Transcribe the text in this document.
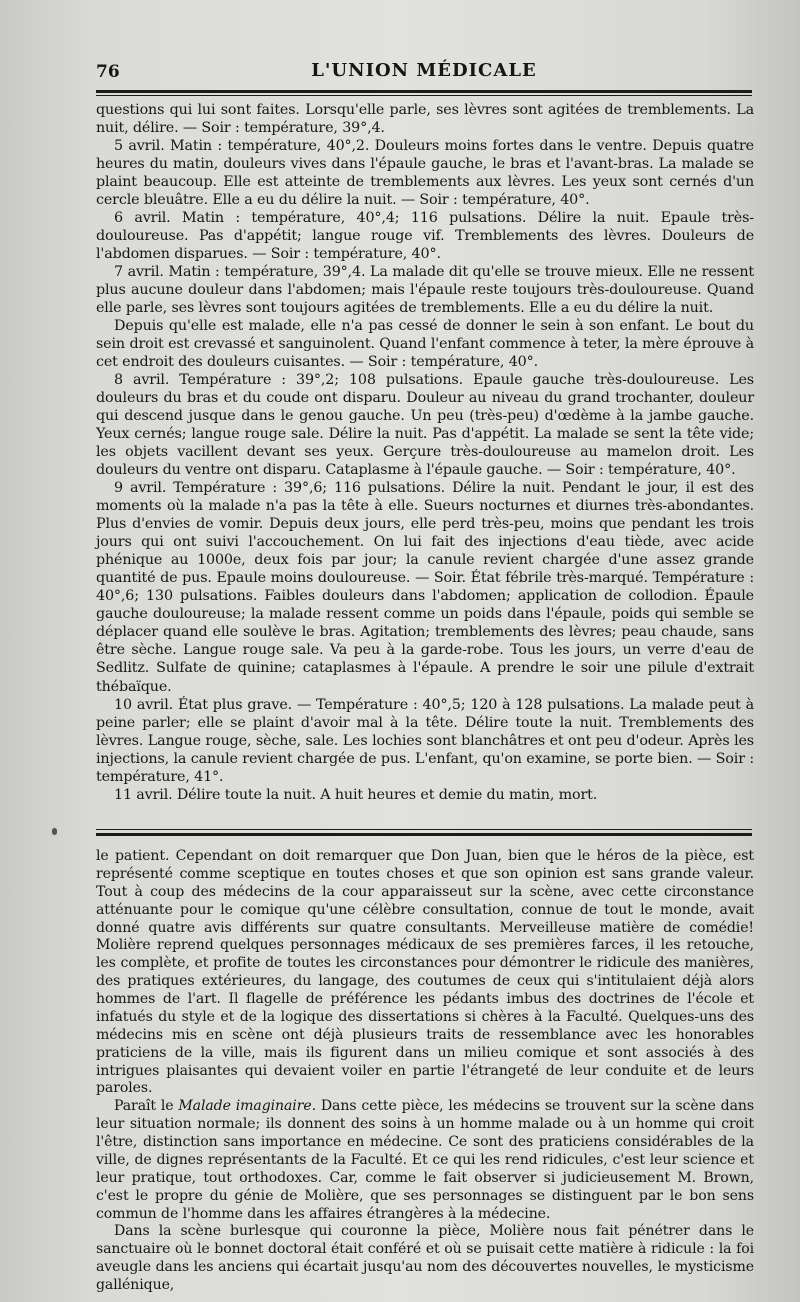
76	L'UNION MÉDICALE

questions qui lui sont faites. Lorsqu'elle parle, ses lèvres sont agitées de tremblements. La nuit, délire. — Soir : température, 39°,4.

5 avril. Matin : température, 40°,2. Douleurs moins fortes dans le ventre. Depuis quatre heures du matin, douleurs vives dans l'épaule gauche, le bras et l'avant-bras. La malade se plaint beaucoup. Elle est atteinte de tremblements aux lèvres. Les yeux sont cernés d'un cercle bleuâtre. Elle a eu du délire la nuit. — Soir : température, 40°.

6 avril. Matin : température, 40°,4; 116 pulsations. Délire la nuit. Epaule très-douloureuse. Pas d'appétit; langue rouge vif. Tremblements des lèvres. Douleurs de l'abdomen disparues. — Soir : température, 40°.

7 avril. Matin : température, 39°,4. La malade dit qu'elle se trouve mieux. Elle ne ressent plus aucune douleur dans l'abdomen; mais l'épaule reste toujours très-douloureuse. Quand elle parle, ses lèvres sont toujours agitées de tremblements. Elle a eu du délire la nuit.

Depuis qu'elle est malade, elle n'a pas cessé de donner le sein à son enfant. Le bout du sein droit est crevassé et sanguinolent. Quand l'enfant commence à teter, la mère éprouve à cet endroit des douleurs cuisantes. — Soir : température, 40°.

8 avril. Température : 39°,2; 108 pulsations. Epaule gauche très-douloureuse. Les douleurs du bras et du coude ont disparu. Douleur au niveau du grand trochanter, douleur qui descend jusque dans le genou gauche. Un peu (très-peu) d'œdème à la jambe gauche. Yeux cernés; langue rouge sale. Délire la nuit. Pas d'appétit. La malade se sent la tête vide; les objets vacillent devant ses yeux. Gerçure très-douloureuse au mamelon droit. Les douleurs du ventre ont disparu. Cataplasme à l'épaule gauche. — Soir : température, 40°.

9 avril. Température : 39°,6; 116 pulsations. Délire la nuit. Pendant le jour, il est des moments où la malade n'a pas la tête à elle. Sueurs nocturnes et diurnes très-abondantes. Plus d'envies de vomir. Depuis deux jours, elle perd très-peu, moins que pendant les trois jours qui ont suivi l'accouchement. On lui fait des injections d'eau tiède, avec acide phénique au 1000e, deux fois par jour; la canule revient chargée d'une assez grande quantité de pus. Epaule moins douloureuse. — Soir. État fébrile très-marqué. Température : 40°,6; 130 pulsations. Faibles douleurs dans l'abdomen; application de collodion. Épaule gauche douloureuse; la malade ressent comme un poids dans l'épaule, poids qui semble se déplacer quand elle soulève le bras. Agitation; tremblements des lèvres; peau chaude, sans être sèche. Langue rouge sale. Va peu à la garde-robe. Tous les jours, un verre d'eau de Sedlitz. Sulfate de quinine; cataplasmes à l'épaule. A prendre le soir une pilule d'extrait thébaïque.

10 avril. État plus grave. — Température : 40°,5; 120 à 128 pulsations. La malade peut à peine parler; elle se plaint d'avoir mal à la tête. Délire toute la nuit. Tremblements des lèvres. Langue rouge, sèche, sale. Les lochies sont blanchâtres et ont peu d'odeur. Après les injections, la canule revient chargée de pus. L'enfant, qu'on examine, se porte bien. — Soir : température, 41°.

11 avril. Délire toute la nuit. A huit heures et demie du matin, mort.

le patient. Cependant on doit remarquer que Don Juan, bien que le héros de la pièce, est représenté comme sceptique en toutes choses et que son opinion est sans grande valeur. Tout à coup des médecins de la cour apparaisseut sur la scène, avec cette circonstance atténuante pour le comique qu'une célèbre consultation, connue de tout le monde, avait donné quatre avis différents sur quatre consultants. Merveilleuse matière de comédie! Molière reprend quelques personnages médicaux de ses premières farces, il les retouche, les complète, et profite de toutes les circonstances pour démontrer le ridicule des manières, des pratiques extérieures, du langage, des coutumes de ceux qui s'intitulaient déjà alors hommes de l'art. Il flagelle de préférence les pédants imbus des doctrines de l'école et infatués du style et de la logique des dissertations si chères à la Faculté. Quelques-uns des médecins mis en scène ont déjà plusieurs traits de ressemblance avec les honorables praticiens de la ville, mais ils figurent dans un milieu comique et sont associés à des intrigues plaisantes qui devaient voiler en partie l'étrangeté de leur conduite et de leurs paroles.

Paraît le Malade imaginaire. Dans cette pièce, les médecins se trouvent sur la scène dans leur situation normale; ils donnent des soins à un homme malade ou à un homme qui croit l'être, distinction sans importance en médecine. Ce sont des praticiens considérables de la ville, de dignes représentants de la Faculté. Et ce qui les rend ridicules, c'est leur science et leur pratique, tout orthodoxes. Car, comme le fait observer si judicieusement M. Brown, c'est le propre du génie de Molière, que ses personnages se distinguent par le bon sens commun de l'homme dans les affaires étrangères à la médecine.

Dans la scène burlesque qui couronne la pièce, Molière nous fait pénétrer dans le sanctuaire où le bonnet doctoral était conféré et où se puisait cette matière à ridicule : la foi aveugle dans les anciens qui écartait jusqu'au nom des découvertes nouvelles, le mysticisme gallénique,
